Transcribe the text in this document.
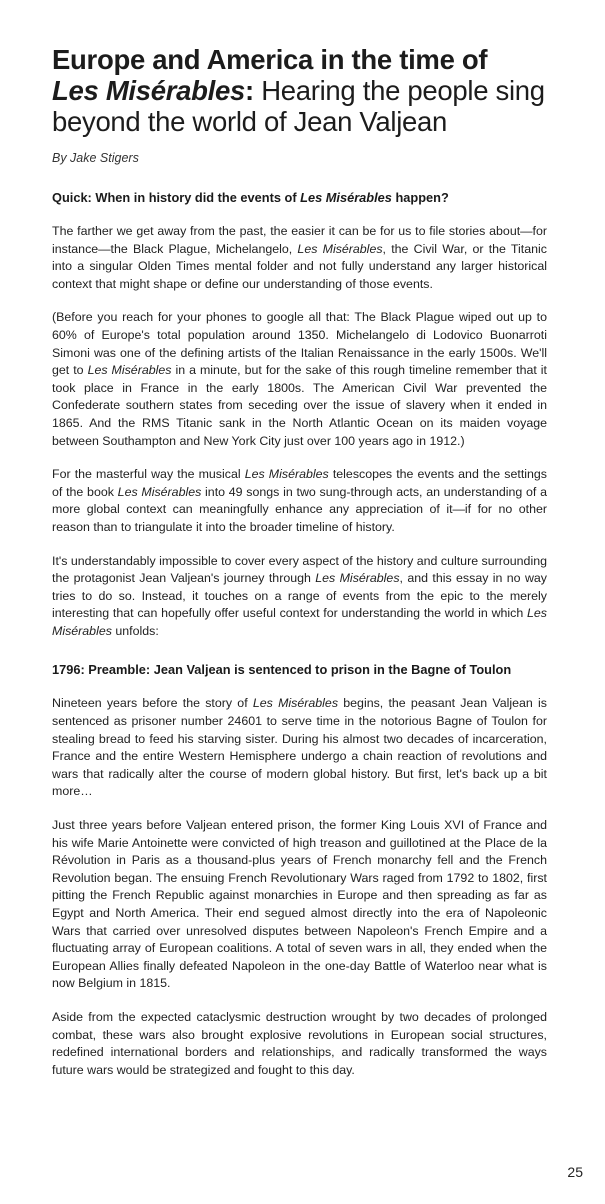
Europe and America in the time of
Les Misérables: Hearing the people sing beyond the world of Jean Valjean

By Jake Stigers

Quick: When in history did the events of Les Misérables happen?

The farther we get away from the past, the easier it can be for us to file stories about—for instance—the Black Plague, Michelangelo, Les Misérables, the Civil War, or the Titanic into a singular Olden Times mental folder and not fully understand any larger historical context that might shape or define our understanding of those events.

(Before you reach for your phones to google all that: The Black Plague wiped out up to 60% of Europe's total population around 1350. Michelangelo di Lodovico Buonarroti Simoni was one of the defining artists of the Italian Renaissance in the early 1500s. We'll get to Les Misérables in a minute, but for the sake of this rough timeline remember that it took place in France in the early 1800s. The American Civil War prevented the Confederate southern states from seceding over the issue of slavery when it ended in 1865. And the RMS Titanic sank in the North Atlantic Ocean on its maiden voyage between Southampton and New York City just over 100 years ago in 1912.)

For the masterful way the musical Les Misérables telescopes the events and the settings of the book Les Misérables into 49 songs in two sung-through acts, an understanding of a more global context can meaningfully enhance any appreciation of it—if for no other reason than to triangulate it into the broader timeline of history.

It's understandably impossible to cover every aspect of the history and culture surrounding the protagonist Jean Valjean's journey through Les Misérables, and this essay in no way tries to do so. Instead, it touches on a range of events from the epic to the merely interesting that can hopefully offer useful context for understanding the world in which Les Misérables unfolds:

1796: Preamble: Jean Valjean is sentenced to prison in the Bagne of Toulon

Nineteen years before the story of Les Misérables begins, the peasant Jean Valjean is sentenced as prisoner number 24601 to serve time in the notorious Bagne of Toulon for stealing bread to feed his starving sister. During his almost two decades of incarceration, France and the entire Western Hemisphere undergo a chain reaction of revolutions and wars that radically alter the course of modern global history. But first, let's back up a bit more…

Just three years before Valjean entered prison, the former King Louis XVI of France and his wife Marie Antoinette were convicted of high treason and guillotined at the Place de la Révolution in Paris as a thousand-plus years of French monarchy fell and the French Revolution began. The ensuing French Revolutionary Wars raged from 1792 to 1802, first pitting the French Republic against monarchies in Europe and then spreading as far as Egypt and North America. Their end segued almost directly into the era of Napoleonic Wars that carried over unresolved disputes between Napoleon's French Empire and a fluctuating array of European coalitions. A total of seven wars in all, they ended when the European Allies finally defeated Napoleon in the one-day Battle of Waterloo near what is now Belgium in 1815.

Aside from the expected cataclysmic destruction wrought by two decades of prolonged combat, these wars also brought explosive revolutions in European social structures, redefined international borders and relationships, and radically transformed the ways future wars would be strategized and fought to this day.

25
